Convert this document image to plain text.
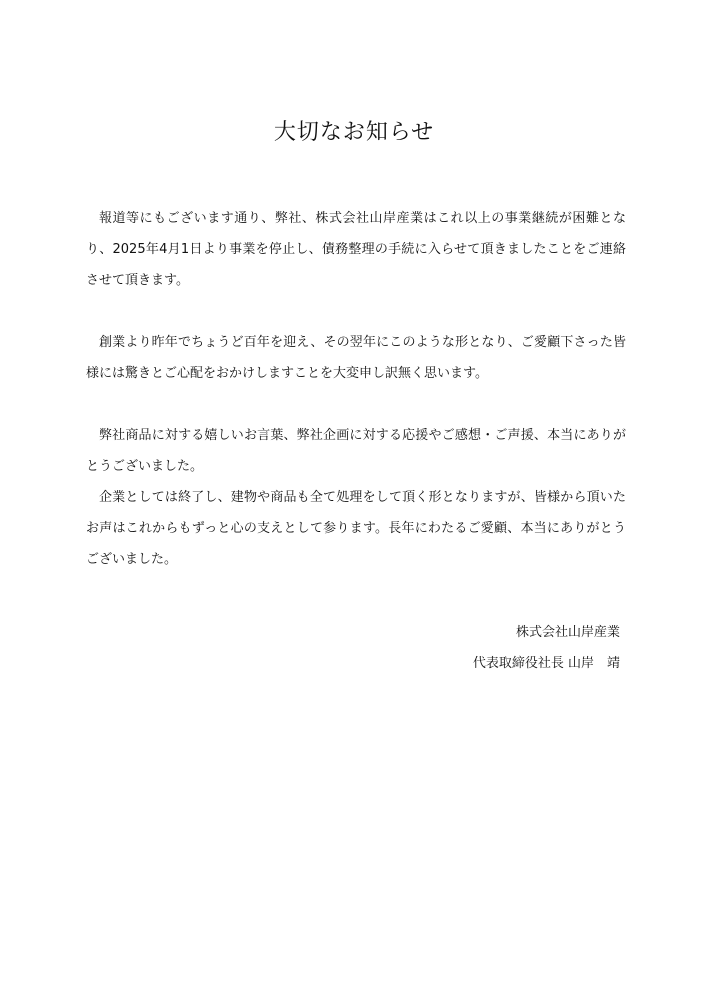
大切なお知らせ

報道等にもございます通り、弊社、株式会社山岸産業はこれ以上の事業継続が困難となり、2025年4月1日より事業を停止し、債務整理の手続に入らせて頂きましたことをご連絡させて頂きます。

創業より昨年でちょうど百年を迎え、その翌年にこのような形となり、ご愛顧下さった皆様には驚きとご心配をおかけしますことを大変申し訳無く思います。

弊社商品に対する嬉しいお言葉、弊社企画に対する応援やご感想・ご声援、本当にありがとうございました。

企業としては終了し、建物や商品も全て処理をして頂く形となりますが、皆様から頂いたお声はこれからもずっと心の支えとして参ります。長年にわたるご愛顧、本当にありがとうございました。

株式会社山岸産業
代表取締役社長 山岸　靖
